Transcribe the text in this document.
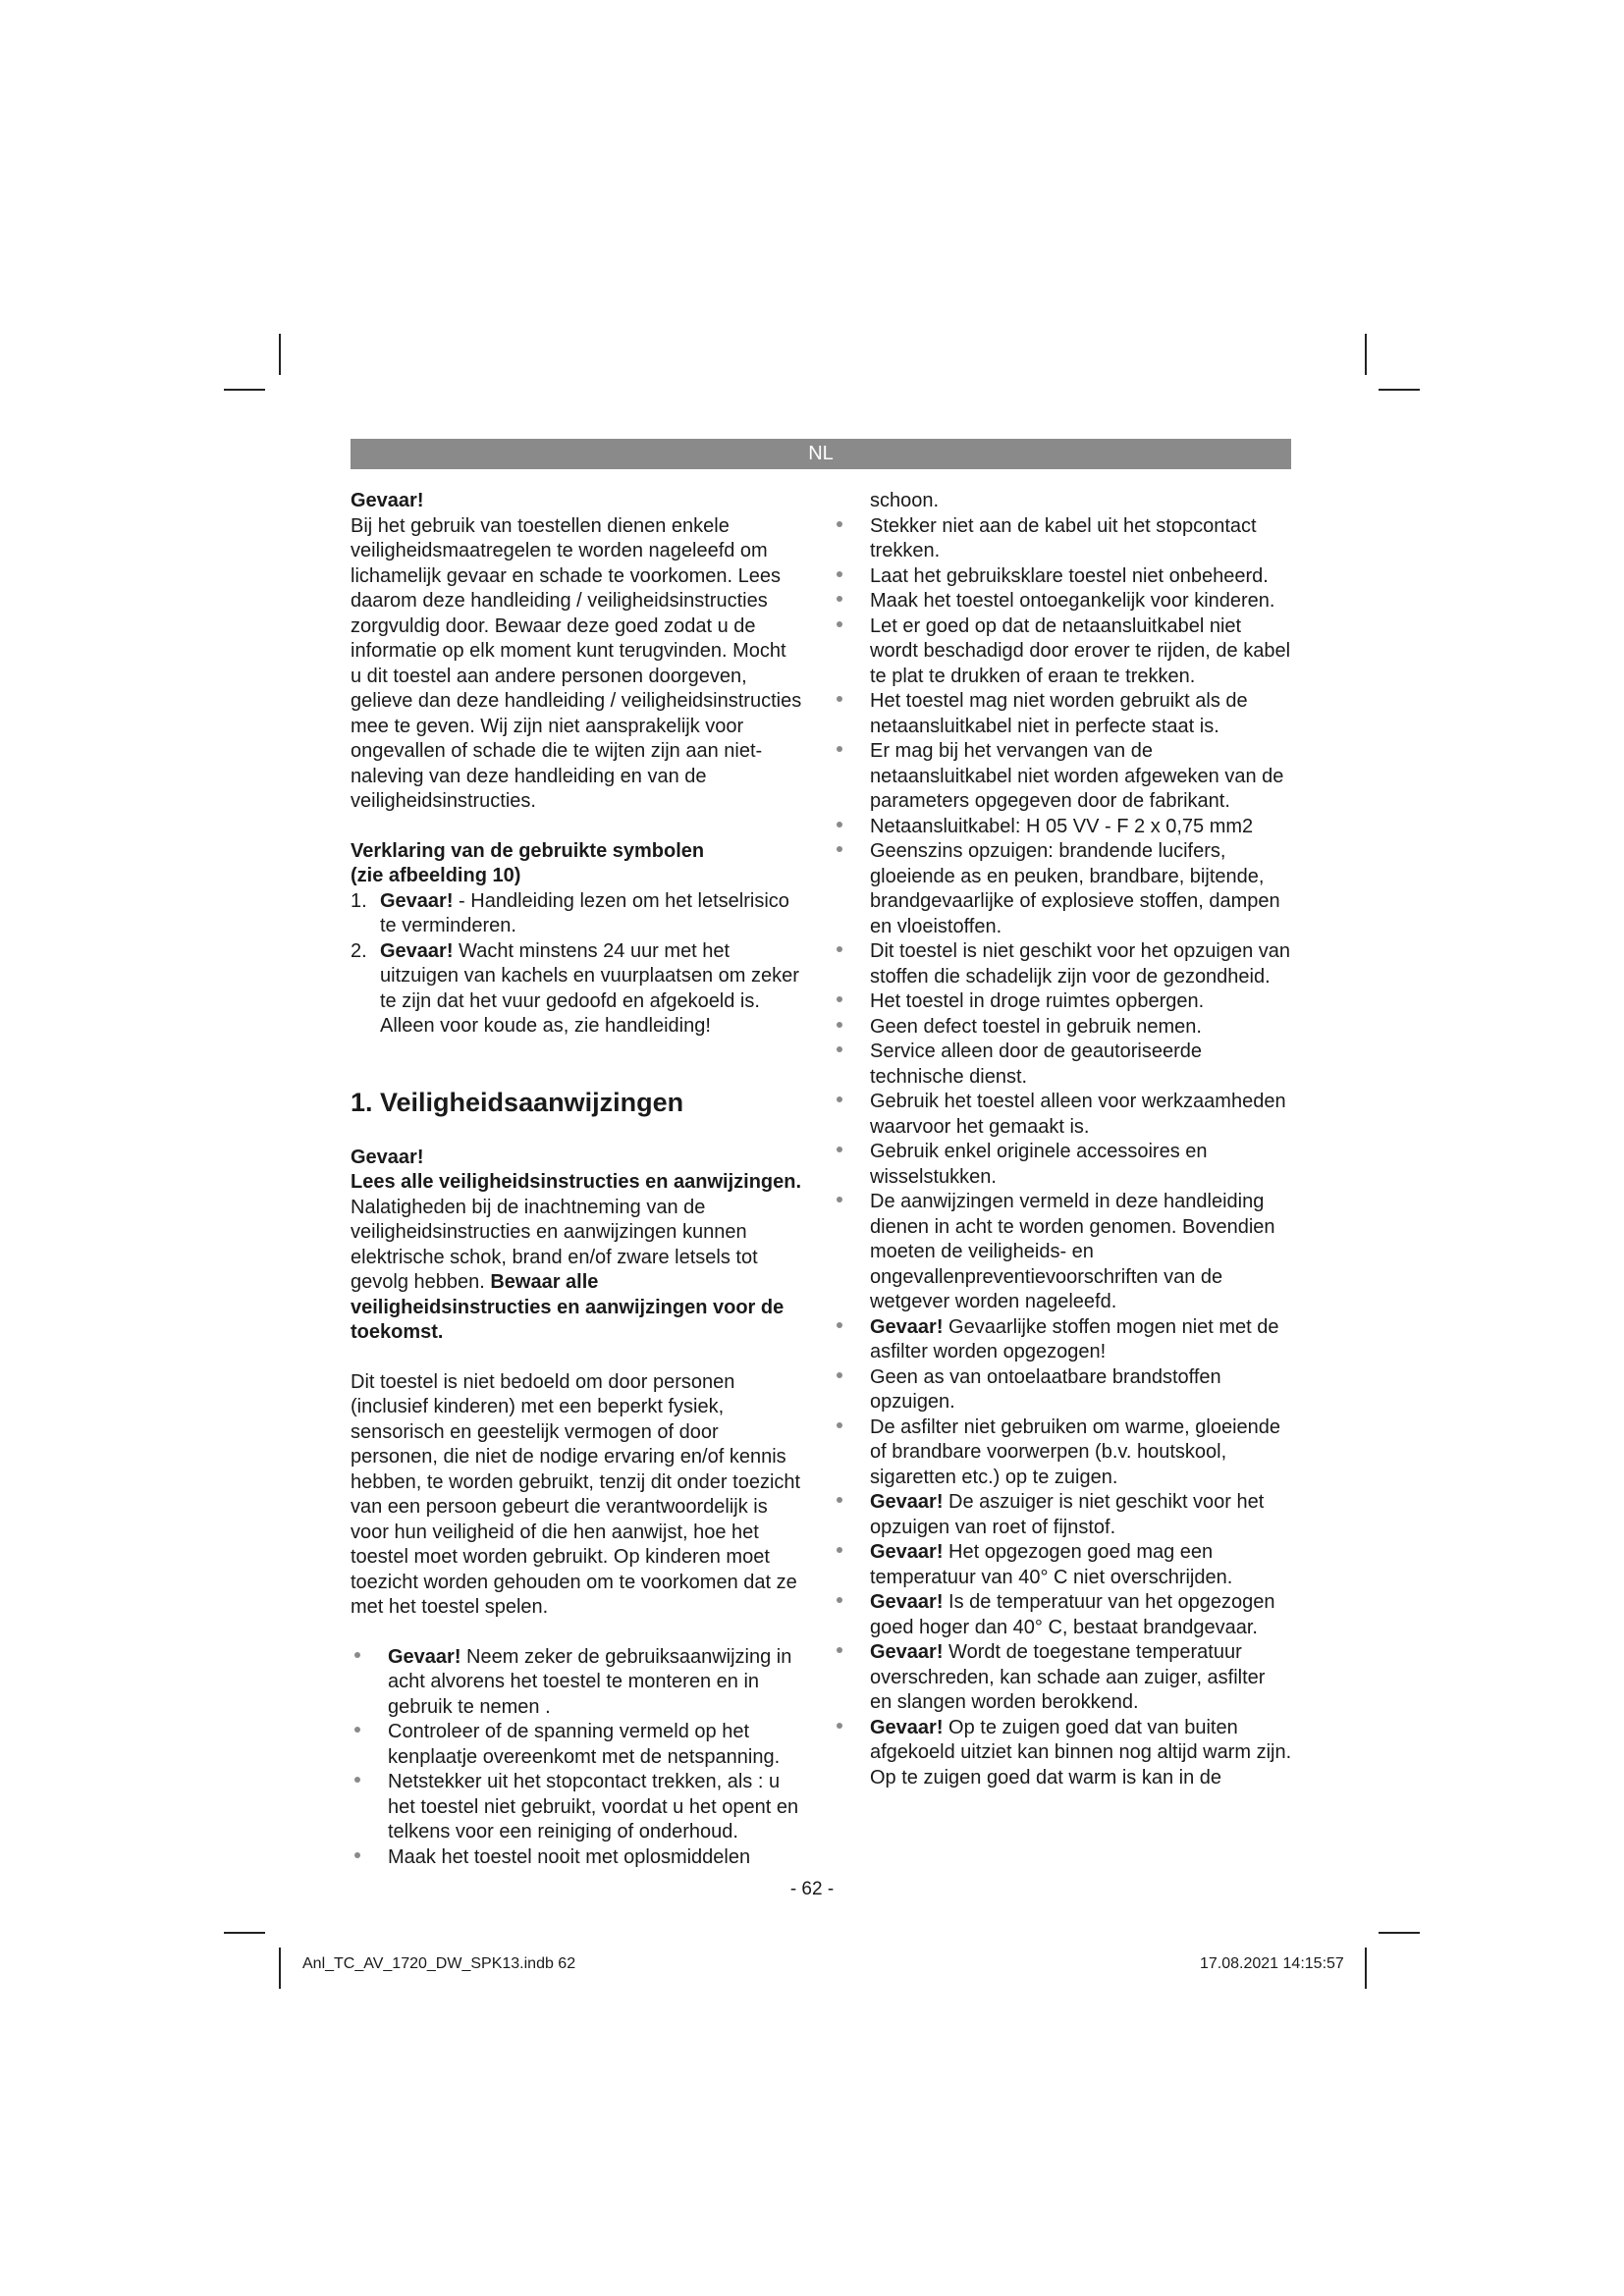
NL

Gevaar!

Bij het gebruik van toestellen dienen enkele veiligheidsmaatregelen te worden nageleefd om lichamelijk gevaar en schade te voorkomen. Lees daarom deze handleiding / veiligheidsinstructies zorgvuldig door. Bewaar deze goed zodat u de informatie op elk moment kunt terugvinden. Mocht u dit toestel aan andere personen doorgeven, gelieve dan deze handleiding / veiligheidsinstructies mee te geven. Wij zijn niet aansprakelijk voor ongevallen of schade die te wijten zijn aan niet-naleving van deze handleiding en van de veiligheidsinstructies.

Verklaring van de gebruikte symbolen

(zie afbeelding 10)

1. Gevaar! - Handleiding lezen om het letselrisico te verminderen.
2. Gevaar! Wacht minstens 24 uur met het uitzuigen van kachels en vuurplaatsen om zeker te zijn dat het vuur gedoofd en afgekoeld is. Alleen voor koude as, zie handleiding!
1. Veiligheidsaanwijzingen

Gevaar!

Lees alle veiligheidsinstructies en aanwijzingen. Nalatigheden bij de inachtneming van de veiligheidsinstructies en aanwijzingen kunnen elektrische schok, brand en/of zware letsels tot gevolg hebben. Bewaar alle veiligheidsinstructies en aanwijzingen voor de toekomst.

Dit toestel is niet bedoeld om door personen (inclusief kinderen) met een beperkt fysiek, sensorisch en geestelijk vermogen of door personen, die niet de nodige ervaring en/of kennis hebben, te worden gebruikt, tenzij dit onder toezicht van een persoon gebeurt die verantwoordelijk is voor hun veiligheid of die hen aanwijst, hoe het toestel moet worden gebruikt. Op kinderen moet toezicht worden gehouden om te voorkomen dat ze met het toestel spelen.

Gevaar! Neem zeker de gebruiksaanwijzing in acht alvorens het toestel te monteren en in gebruik te nemen .
Controleer of de spanning vermeld op het kenplaatje overeenkomt met de netspanning.
Netstekker uit het stopcontact trekken, als : u het toestel niet gebruikt, voordat u het opent en telkens voor een reiniging of onderhoud.
Maak het toestel nooit met oplosmiddelen

schoon.

Stekker niet aan de kabel uit het stopcontact trekken.
Laat het gebruiksklare toestel niet onbeheerd.
Maak het toestel ontoegankelijk voor kinderen.
Let er goed op dat de netaansluitkabel niet wordt beschadigd door erover te rijden, de kabel te plat te drukken of eraan te trekken.
Het toestel mag niet worden gebruikt als de netaansluitkabel niet in perfecte staat is.
Er mag bij het vervangen van de netaansluitkabel niet worden afgeweken van de parameters opgegeven door de fabrikant.
Netaansluitkabel: H 05 VV - F 2 x 0,75 mm2
Geenszins opzuigen: brandende lucifers, gloeiende as en peuken, brandbare, bijtende, brandgevaarlijke of explosieve stoffen, dampen en vloeistoffen.
Dit toestel is niet geschikt voor het opzuigen van stoffen die schadelijk zijn voor de gezondheid.
Het toestel in droge ruimtes opbergen.
Geen defect toestel in gebruik nemen.
Service alleen door de geautoriseerde technische dienst.
Gebruik het toestel alleen voor werkzaamheden waarvoor het gemaakt is.
Gebruik enkel originele accessoires en wisselstukken.
De aanwijzingen vermeld in deze handleiding dienen in acht te worden genomen. Bovendien moeten de veiligheids- en ongevallenpreventievoorschriften van de wetgever worden nageleefd.
Gevaar! Gevaarlijke stoffen mogen niet met de asfilter worden opgezogen!
Geen as van ontoelaatbare brandstoffen opzuigen.
De asfilter niet gebruiken om warme, gloeiende of brandbare voorwerpen (b.v. houtskool, sigaretten etc.) op te zuigen.
Gevaar! De aszuiger is niet geschikt voor het opzuigen van roet of fijnstof.
Gevaar! Het opgezogen goed mag een temperatuur van 40° C niet overschrijden.
Gevaar! Is de temperatuur van het opgezogen goed hoger dan 40° C, bestaat brandgevaar.
Gevaar! Wordt de toegestane temperatuur overschreden, kan schade aan zuiger, asfilter en slangen worden berokkend.
Gevaar! Op te zuigen goed dat van buiten afgekoeld uitziet kan binnen nog altijd warm zijn. Op te zuigen goed dat warm is kan in de
- 62 -
Anl_TC_AV_1720_DW_SPK13.indb 62	17.08.2021 14:15:57
